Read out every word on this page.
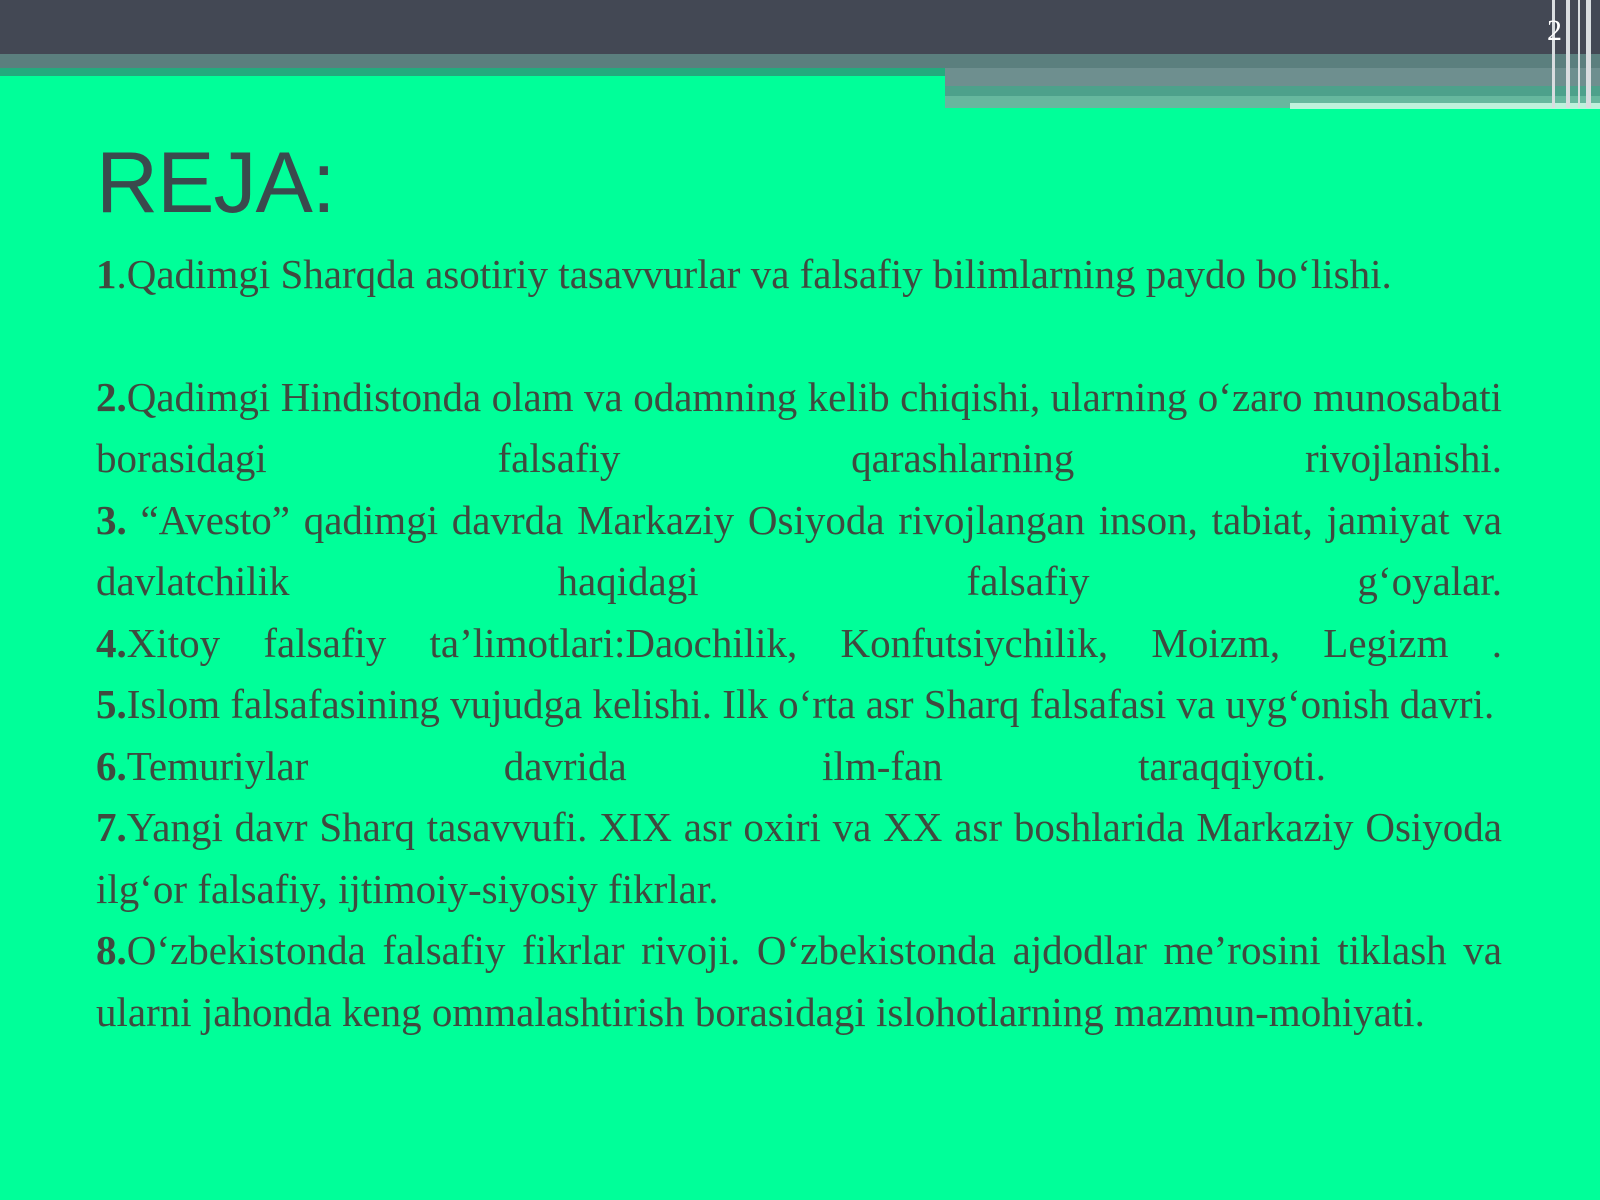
2
REJA:

1.Qadimgi Sharqda asotiriy tasavvurlar va falsafiy bilimlarning paydo bo‘lishi.

2.Qadimgi Hindistonda olam va odamning kelib chiqishi, ularning o‘zaro munosabati borasidagi falsafiy qarashlarning rivojlanishi.

3. “Avesto” qadimgi davrda Markaziy Osiyoda rivojlangan inson, tabiat, jamiyat va davlatchilik haqidagi falsafiy g‘oyalar.

4.Xitoy falsafiy ta’limotlari:Daochilik, Konfutsiychilik, Moizm, Legizm .

5.Islom falsafasining vujudga kelishi. Ilk o‘rta asr Sharq falsafasi va uyg‘onish davri.

6.Temuriylar davrida ilm-fan taraqqiyoti.

7.Yangi davr Sharq tasavvufi. XIX asr oxiri va XX asr boshlarida Markaziy Osiyoda ilg‘or falsafiy, ijtimoiy-siyosiy fikrlar.

8.O‘zbekistonda falsafiy fikrlar rivoji. O‘zbekistonda ajdodlar me’rosini tiklash va ularni jahonda keng ommalashtirish borasidagi islohotlarning mazmun-mohiyati.
